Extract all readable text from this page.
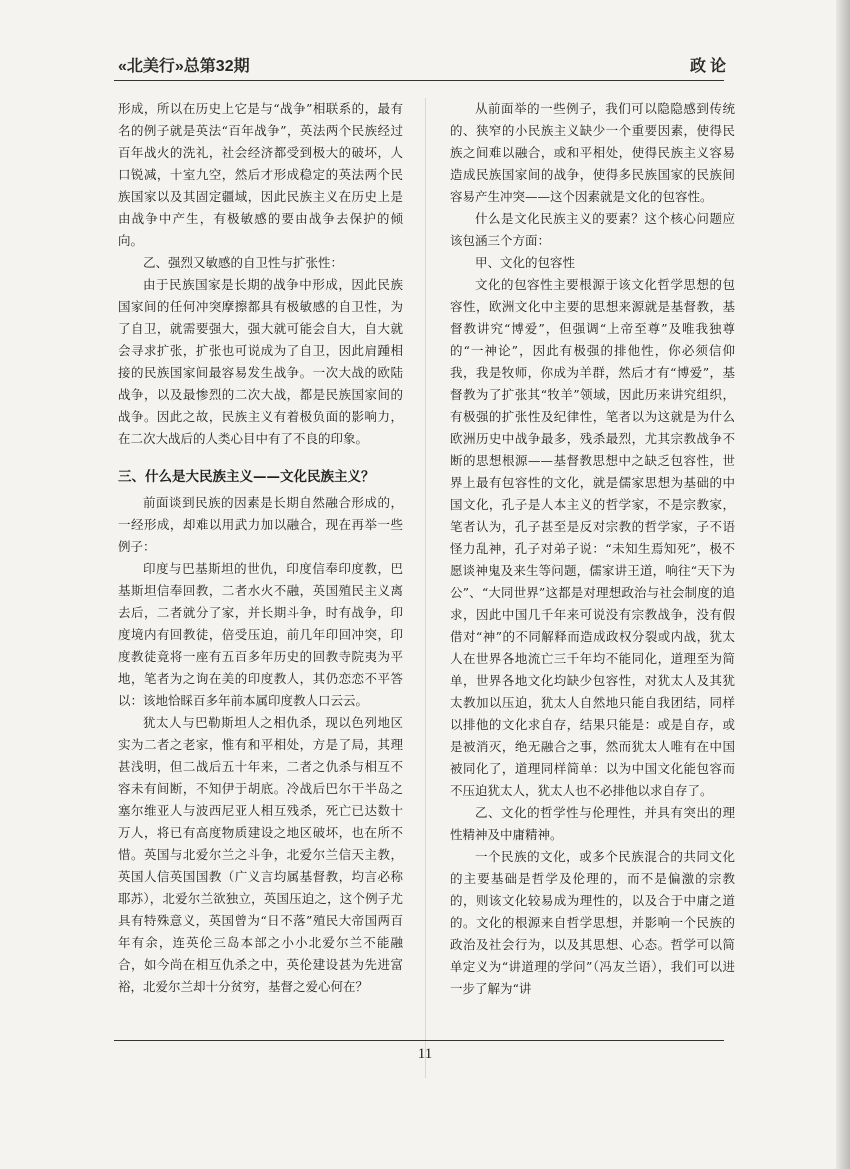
«北美行»总第32期	政论

形成，所以在历史上它是与“战争”相联系的，最有名的例子就是英法“百年战争”，英法两个民族经过百年战火的洗礼，社会经济都受到极大的破坏，人口锐减，十室九空，然后才形成稳定的英法两个民族国家以及其固定疆域，因此民族主义在历史上是由战争中产生，有极敏感的要由战争去保护的倾向。

乙、强烈又敏感的自卫性与扩张性：

由于民族国家是长期的战争中形成，因此民族国家间的任何冲突摩擦都具有极敏感的自卫性，为了自卫，就需要强大，强大就可能会自大，自大就会寻求扩张，扩张也可说成为了自卫，因此肩踵相接的民族国家间最容易发生战争。一次大战的欧陆战争，以及最惨烈的二次大战，都是民族国家间的战争。因此之故，民族主义有着极负面的影响力，在二次大战后的人类心目中有了不良的印象。

三、什么是大民族主义——文化民族主义？

前面谈到民族的因素是长期自然融合形成的，一经形成，却难以用武力加以融合，现在再举一些例子：

印度与巴基斯坦的世仇，印度信奉印度教，巴基斯坦信奉回教，二者水火不融，英国殖民主义离去后，二者就分了家，并长期斗争，时有战争，印度境内有回教徒，倍受压迫，前几年印回冲突，印度教徒竟将一座有五百多年历史的回教寺院夷为平地，笔者为之询在美的印度教人，其仍恋恋不平答以：该地恰睬百多年前本属印度教人口云云。

犹太人与巴勒斯坦人之相仇杀，现以色列地区实为二者之老家，惟有和平相处，方是了局，其理甚浅明，但二战后五十年来，二者之仇杀与相互不容未有间断，不知伊于胡底。冷战后巴尔干半岛之塞尔维亚人与波西尼亚人相互残杀，死亡已达数十万人，将已有高度物质建设之地区破坏，也在所不惜。英国与北爱尔兰之斗争，北爱尔兰信天主教，英国人信英国国教（广义言均属基督教，均言必称耶苏），北爱尔兰欲独立，英国压迫之，这个例子尤具有特殊意义，英国曾为“日不落”殖民大帝国两百年有余，连英伦三岛本部之小小北爱尔兰不能融合，如今尚在相互仇杀之中，英伦建设甚为先进富裕，北爱尔兰却十分贫穷，基督之爱心何在？

从前面举的一些例子，我们可以隐隐感到传统的、狭窄的小民族主义缺少一个重要因素，使得民族之间难以融合，或和平相处，使得民族主义容易造成民族国家间的战争，使得多民族国家的民族间容易产生冲突——这个因素就是文化的包容性。

什么是文化民族主义的要素？这个核心问题应该包涵三个方面：

甲、文化的包容性

文化的包容性主要根源于该文化哲学思想的包容性，欧洲文化中主要的思想来源就是基督教，基督教讲究“博爱”，但强调“上帝至尊”及唯我独尊的“一神论”，因此有极强的排他性，你必须信仰我，我是牧师，你成为羊群，然后才有“博爱”，基督教为了扩张其“牧羊”领域，因此历来讲究组织，有极强的扩张性及纪律性，笔者以为这就是为什么欧洲历史中战争最多，残杀最烈，尤其宗教战争不断的思想根源——基督教思想中之缺乏包容性，世界上最有包容性的文化，就是儒家思想为基础的中国文化，孔子是人本主义的哲学家，不是宗教家，笔者认为，孔子甚至是反对宗教的哲学家，子不语怪力乱神，孔子对弟子说：“未知生焉知死”，极不愿谈神鬼及来生等问题，儒家讲王道，响往“天下为公”、“大同世界”这都是对理想政治与社会制度的追求，因此中国几千年来可说没有宗教战争，没有假借对“神”的不同解释而造成政权分裂或内战，犹太人在世界各地流亡三千年均不能同化，道理至为简单，世界各地文化均缺少包容性，对犹太人及其犹太教加以压迫，犹太人自然地只能自我团结，同样以排他的文化求自存，结果只能是：或是自存，或是被消灭，绝无融合之事，然而犹太人唯有在中国被同化了，道理同样简单：以为中国文化能包容而不压迫犹太人，犹太人也不必排他以求自存了。

乙、文化的哲学性与伦理性，并具有突出的理性精神及中庸精神。

一个民族的文化，或多个民族混合的共同文化的主要基础是哲学及伦理的，而不是偏激的宗教的，则该文化较易成为理性的，以及合于中庸之道的。文化的根源来自哲学思想，并影响一个民族的政治及社会行为，以及其思想、心态。哲学可以简单定义为“讲道理的学问”（冯友兰语），我们可以进一步了解为“讲

11
